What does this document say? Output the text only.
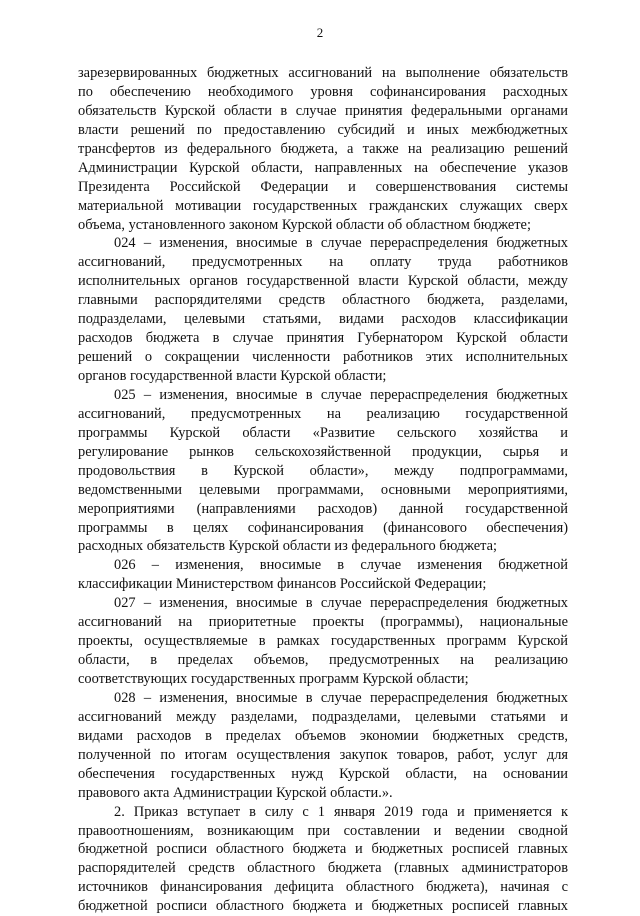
2
зарезервированных бюджетных ассигнований на выполнение обязательств
по обеспечению необходимого уровня софинансирования расходных
обязательств Курской области в случае принятия федеральными органами
власти решений по предоставлению субсидий и иных межбюджетных
трансфертов из федерального бюджета, а также на реализацию решений
Администрации Курской области, направленных на обеспечение указов
Президента Российской Федерации и совершенствования системы
материальной мотивации государственных гражданских служащих сверх
объема, установленного законом Курской области об областном бюджете;
024 – изменения, вносимые в случае перераспределения бюджетных
ассигнований, предусмотренных на оплату труда работников
исполнительных органов государственной власти Курской области, между
главными распорядителями средств областного бюджета, разделами,
подразделами, целевыми статьями, видами расходов классификации
расходов бюджета в случае принятия Губернатором Курской области
решений о сокращении численности работников этих исполнительных
органов государственной власти Курской области;
025 – изменения, вносимые в случае перераспределения бюджетных
ассигнований, предусмотренных на реализацию государственной
программы Курской области «Развитие сельского хозяйства и
регулирование рынков сельскохозяйственной продукции, сырья и
продовольствия в Курской области», между подпрограммами,
ведомственными целевыми программами, основными мероприятиями,
мероприятиями (направлениями расходов) данной государственной
программы в целях софинансирования (финансового обеспечения)
расходных обязательств Курской области из федерального бюджета;
026 – изменения, вносимые в случае изменения бюджетной
классификации Министерством финансов Российской Федерации;
027 – изменения, вносимые в случае перераспределения бюджетных
ассигнований на приоритетные проекты (программы), национальные
проекты, осуществляемые в рамках государственных программ Курской
области, в пределах объемов, предусмотренных на реализацию
соответствующих государственных программ Курской области;
028 – изменения, вносимые в случае перераспределения бюджетных
ассигнований между разделами, подразделами, целевыми статьями и
видами расходов в пределах объемов экономии бюджетных средств,
полученной по итогам осуществления закупок товаров, работ, услуг для
обеспечения государственных нужд Курской области, на основании
правового акта Администрации Курской области.».
2. Приказ вступает в силу с 1 января 2019 года и применяется к
правоотношениям, возникающим при составлении и ведении сводной
бюджетной росписи областного бюджета и бюджетных росписей главных
распорядителей средств областного бюджета (главных администраторов
источников финансирования дефицита областного бюджета), начиная с
бюджетной росписи областного бюджета и бюджетных росписей главных
